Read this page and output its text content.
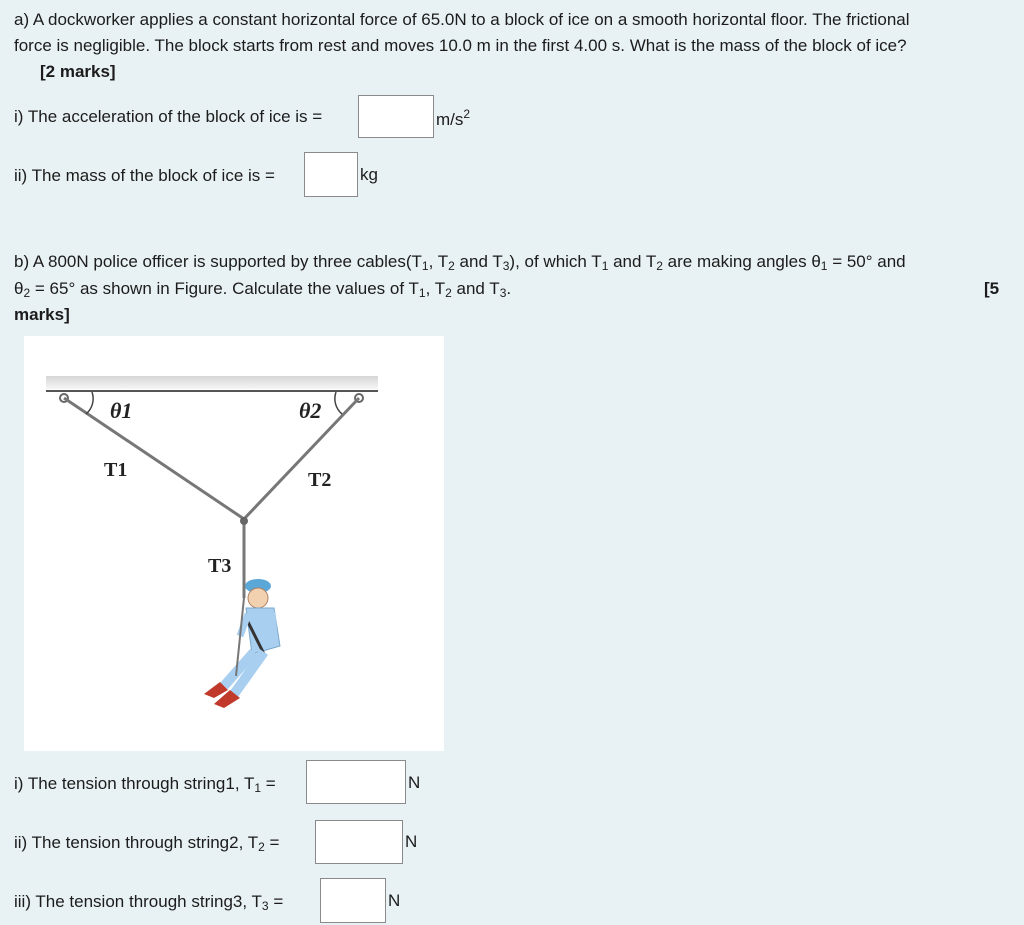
a) A dockworker applies a constant horizontal force of 65.0N to a block of ice on a smooth horizontal floor. The frictional
force is negligible. The block starts from rest and moves 10.0 m in the first 4.00 s. What is the mass of the block of ice?
[2 marks]
i) The acceleration of the block of ice is =	$m/s^2$
ii) The mass of the block of ice is =	kg
b) A 800N police officer is supported by three $cables(T_1$, $T_2$ and $T_3$), of which $T_1$ and $T_2$ are making angles $\theta_1 = 50^\circ$ and
$\theta_2 = 65^\circ$ as shown in Figure. Calculate the values of $T_1$, $T_2$ and $T_3$.	[5
marks]
θ1	θ2
T1	T2
T3
i) The tension through string1, $T_1$ =	N
ii) The tension through string2, $T_2$ =	N
iii) The tension through string3, $T_3$ =	N
